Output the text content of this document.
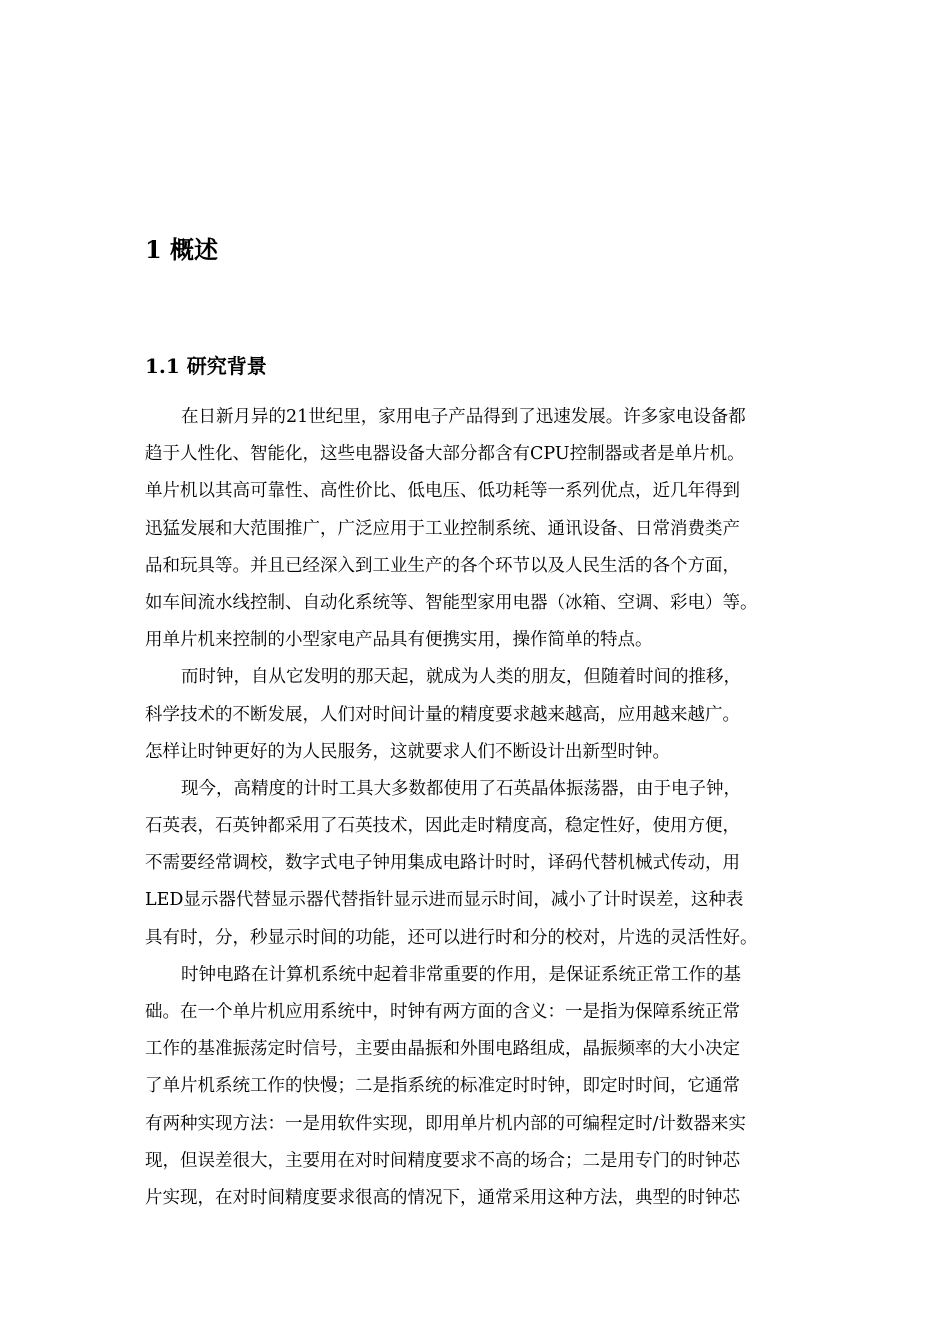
1 概述
1.1 研究背景

在日新月异的21世纪里，家用电子产品得到了迅速发展。许多家电设备都
趋于人性化、智能化，这些电器设备大部分都含有CPU控制器或者是单片机。
单片机以其高可靠性、高性价比、低电压、低功耗等一系列优点，近几年得到
迅猛发展和大范围推广，广泛应用于工业控制系统、通讯设备、日常消费类产
品和玩具等。并且已经深入到工业生产的各个环节以及人民生活的各个方面，
如车间流水线控制、自动化系统等、智能型家用电器（冰箱、空调、彩电）等。
用单片机来控制的小型家电产品具有便携实用，操作简单的特点。

而时钟，自从它发明的那天起，就成为人类的朋友，但随着时间的推移，
科学技术的不断发展，人们对时间计量的精度要求越来越高，应用越来越广。
怎样让时钟更好的为人民服务，这就要求人们不断设计出新型时钟。

现今，高精度的计时工具大多数都使用了石英晶体振荡器，由于电子钟，
石英表，石英钟都采用了石英技术，因此走时精度高，稳定性好，使用方便，
不需要经常调校，数字式电子钟用集成电路计时时，译码代替机械式传动，用
LED显示器代替显示器代替指针显示进而显示时间，减小了计时误差，这种表
具有时，分，秒显示时间的功能，还可以进行时和分的校对，片选的灵活性好。

时钟电路在计算机系统中起着非常重要的作用，是保证系统正常工作的基
础。在一个单片机应用系统中，时钟有两方面的含义：一是指为保障系统正常
工作的基准振荡定时信号，主要由晶振和外围电路组成，晶振频率的大小决定
了单片机系统工作的快慢；二是指系统的标准定时时钟，即定时时间，它通常
有两种实现方法：一是用软件实现，即用单片机内部的可编程定时/计数器来实
现，但误差很大，主要用在对时间精度要求不高的场合；二是用专门的时钟芯
片实现，在对时间精度要求很高的情况下，通常采用这种方法，典型的时钟芯
